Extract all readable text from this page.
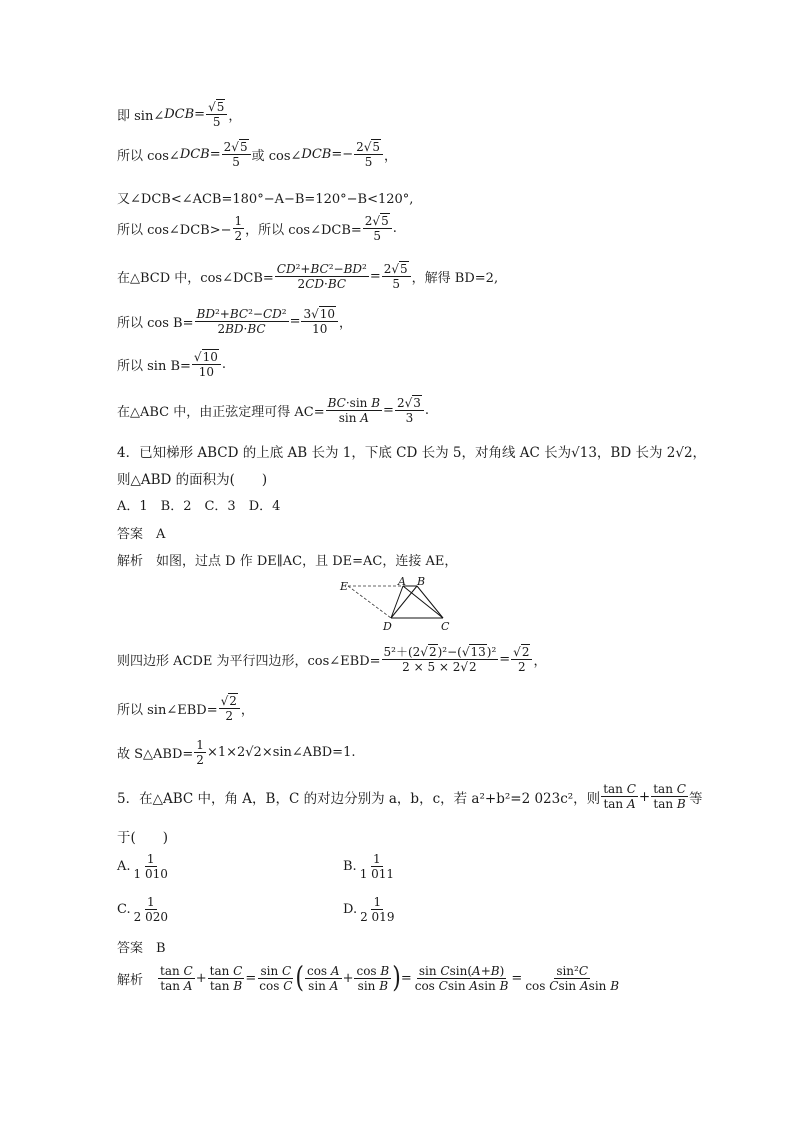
即 sin∠ DCB = $\frac{√5}{5}$ ，
所以 cos∠ DCB = $\frac{2√5}{5}$ 或 cos∠ DCB =− $\frac{2√5}{5}$ ，
又∠DCB<∠ACB=180°−A−B=120°−B<120°,
所以 cos∠DCB>− $\frac{1}{2}$ ，所以 cos∠DCB= $\frac{2√5}{5}$ .
在△BCD 中，cos∠DCB= $\frac{\text{CD²+BC²−BD²}}{2CD\cdot BC} = \frac{2√5}{5}$ ，解得 BD=2,
所以 $\cos B= \frac{\text{BD²+BC²−CD²}}{2BD\cdot BC} = \frac{3√10}{10}$ ，
所以 $\sin B= \frac{√10}{10}$ .
在△ABC 中，由正弦定理可得 $AC= \frac{\text{BC·sin B}}{\text{sin A}} = \frac{2√3}{3}$ .
4．已知梯形 ABCD 的上底 AB 长为 1，下底 CD 长为 5，对角线 AC 长为√13，BD 长为 2√2，
则△ABD 的面积为(　　)
A．1　B．2　C．3　D．4
答案　A
解析　如图，过点 D 作 DE∥AC，且 DE=AC，连接 AE，
E	A B
D	C
则四边形 ACDE 为平行四边形，cos∠EBD= $\frac{\text{5²＋(2√2)²−(√13)²}}{2 \times 5 \times 2√2} = \frac{√2}{2}$ ，
所以 sin∠EBD= $\frac{√2}{2}$ ，
故 S△ABD= $\frac{1}{2}$ ×1×2√2×sin∠ABD=1.
5．在△ABC 中，角 A，B，C 的对边分别为 a，b，c，若 a²+b²=2 023c²，则 $\frac{\text{tan C}}{\text{tan A}} + \frac{\text{tan C}}{\text{tan B}}$ 等
于(　　)
A. $\frac{1}{1 010}$	B. $\frac{1}{1 011}$
C. $\frac{1}{2 020}$	D. $\frac{1}{2 019}$
答案　B
解析 $\frac{\text{tan C}}{\text{tan A}} + \frac{\text{tan C}}{\text{tan B}} = \frac{\text{sin C}}{\text{cos C}}$ ( $\frac{\text{cos A}}{\text{sin A}} + \frac{\text{cos B}}{\text{sin B}}$ ) = $\frac{\text{sin Csin(A+B)}}{\text{cos Csin Asin B}} = \frac{\text{sin²C}}{\text{cos Csin Asin B}}$
